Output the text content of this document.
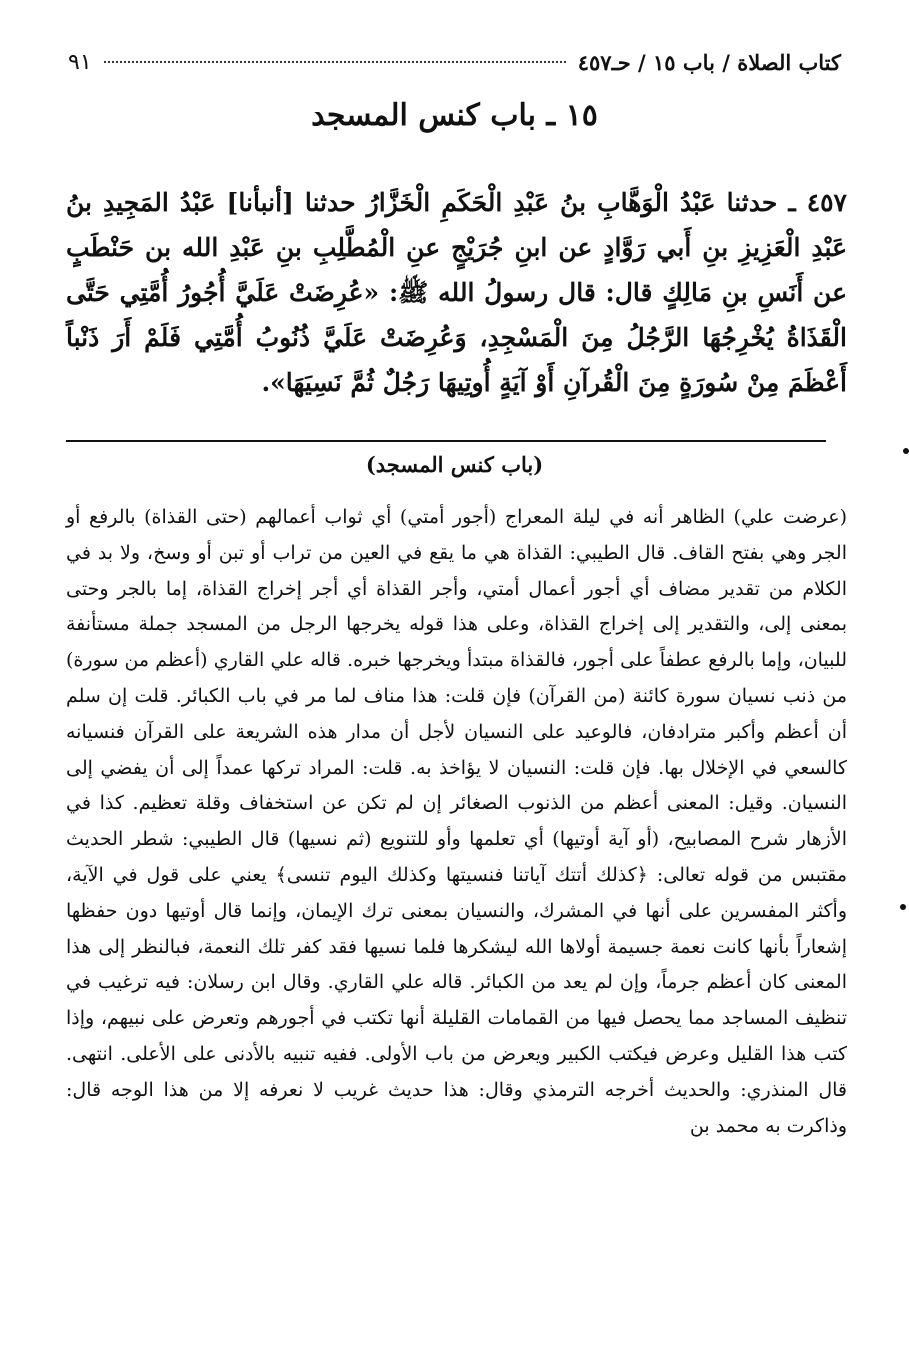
كتاب الصلاة / باب ١٥ / حـ٤٥٧
٩١
١٥ ـ باب كنس المسجد
٤٥٧ ـ حدثنا عَبْدُ الْوَهَّابِ بنُ عَبْدِ الْحَكَمِ الْخَزَّارُ حدثنا [أنبأنا] عَبْدُ المَجِيدِ بنُ عَبْدِ الْعَزِيزِ بنِ أَبي رَوَّادٍ عن ابنِ جُرَيْجٍ عنِ الْمُطَّلِبِ بنِ عَبْدِ الله بن حَنْطَبٍ عن أَنَسِ بنِ مَالِكٍ قال: قال رسولُ الله ﷺ: «عُرِضَتْ عَلَيَّ أُجُورُ أُمَّتِي حَتَّى الْقَذَاةُ يُخْرِجُهَا الرَّجُلُ مِنَ الْمَسْجِدِ، وَعُرِضَتْ عَلَيَّ ذُنُوبُ أُمَّتِي فَلَمْ أَرَ ذَنْباً أَعْظَمَ مِنْ سُورَةٍ مِنَ الْقُرآنِ أَوْ آيَةٍ أُوتِيهَا رَجُلٌ ثُمَّ نَسِيَهَا».
(باب كنس المسجد)
(عرضت علي) الظاهر أنه في ليلة المعراج (أجور أمتي) أي ثواب أعمالهم (حتى القذاة) بالرفع أو الجر وهي بفتح القاف. قال الطيبي: القذاة هي ما يقع في العين من تراب أو تبن أو وسخ، ولا بد في الكلام من تقدير مضاف أي أجور أعمال أمتي، وأجر القذاة أي أجر إخراج القذاة، إما بالجر وحتى بمعنى إلى، والتقدير إلى إخراج القذاة، وعلى هذا قوله يخرجها الرجل من المسجد جملة مستأنفة للبيان، وإما بالرفع عطفاً على أجور، فالقذاة مبتدأ ويخرجها خبره. قاله علي القاري (أعظم من سورة) من ذنب نسيان سورة كائنة (من القرآن) فإن قلت: هذا مناف لما مر في باب الكبائر. قلت إن سلم أن أعظم وأكبر مترادفان، فالوعيد على النسيان لأجل أن مدار هذه الشريعة على القرآن فنسيانه كالسعي في الإخلال بها. فإن قلت: النسيان لا يؤاخذ به. قلت: المراد تركها عمداً إلى أن يفضي إلى النسيان. وقيل: المعنى أعظم من الذنوب الصغائر إن لم تكن عن استخفاف وقلة تعظيم. كذا في الأزهار شرح المصابيح، (أو آية أوتيها) أي تعلمها وأو للتنويع (ثم نسيها) قال الطيبي: شطر الحديث مقتبس من قوله تعالى: ﴿كذلك أتتك آياتنا فنسيتها وكذلك اليوم تنسى﴾ يعني على قول في الآية، وأكثر المفسرين على أنها في المشرك، والنسيان بمعنى ترك الإيمان، وإنما قال أوتيها دون حفظها إشعاراً بأنها كانت نعمة جسيمة أولاها الله ليشكرها فلما نسيها فقد كفر تلك النعمة، فبالنظر إلى هذا المعنى كان أعظم جرماً، وإن لم يعد من الكبائر. قاله علي القاري. وقال ابن رسلان: فيه ترغيب في تنظيف المساجد مما يحصل فيها من القمامات القليلة أنها تكتب في أجورهم وتعرض على نبيهم، وإذا كتب هذا القليل وعرض فيكتب الكبير ويعرض من باب الأولى. ففيه تنبيه بالأدنى على الأعلى. انتهى. قال المنذري: والحديث أخرجه الترمذي وقال: هذا حديث غريب لا نعرفه إلا من هذا الوجه قال: وذاكرت به محمد بن
